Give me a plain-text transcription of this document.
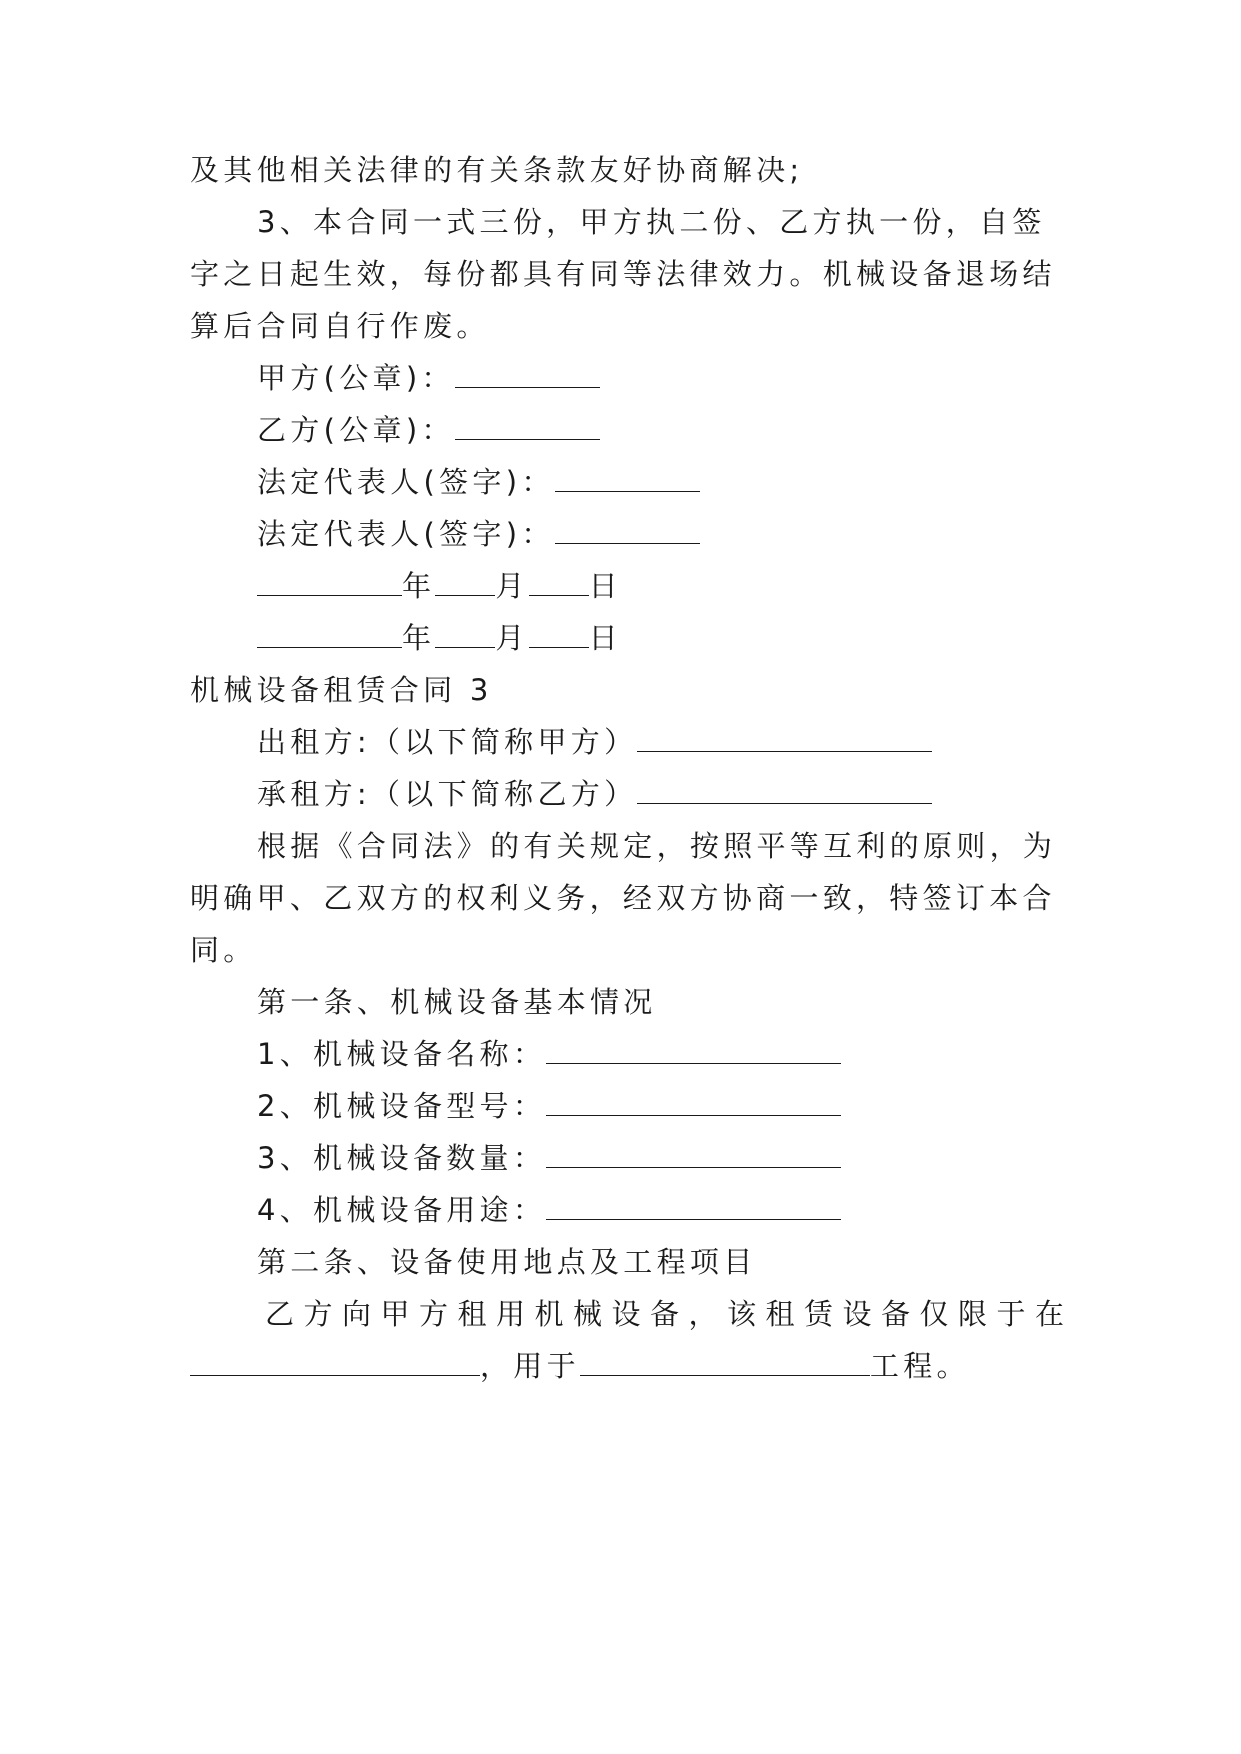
及其他相关法律的有关条款友好协商解决;
3、本合同一式三份，甲方执二份、乙方执一份，自签
字之日起生效，每份都具有同等法律效力。机械设备退场结
算后合同自行作废。
甲方(公章)：
乙方(公章)：
法定代表人(签字)：
法定代表人(签字)：
年 月 日
年 月 日
机械设备租赁合同 3
出租方:（以下简称甲方）
承租方:（以下简称乙方）
根据《合同法》的有关规定，按照平等互利的原则，为
明确甲、乙双方的权利义务，经双方协商一致，特签订本合
同。
第一条、机械设备基本情况
1、机械设备名称：
2、机械设备型号：
3、机械设备数量：
4、机械设备用途：
第二条、设备使用地点及工程项目
乙方向甲方租用机械设备，该租赁设备仅限于在
，用于	工程。
